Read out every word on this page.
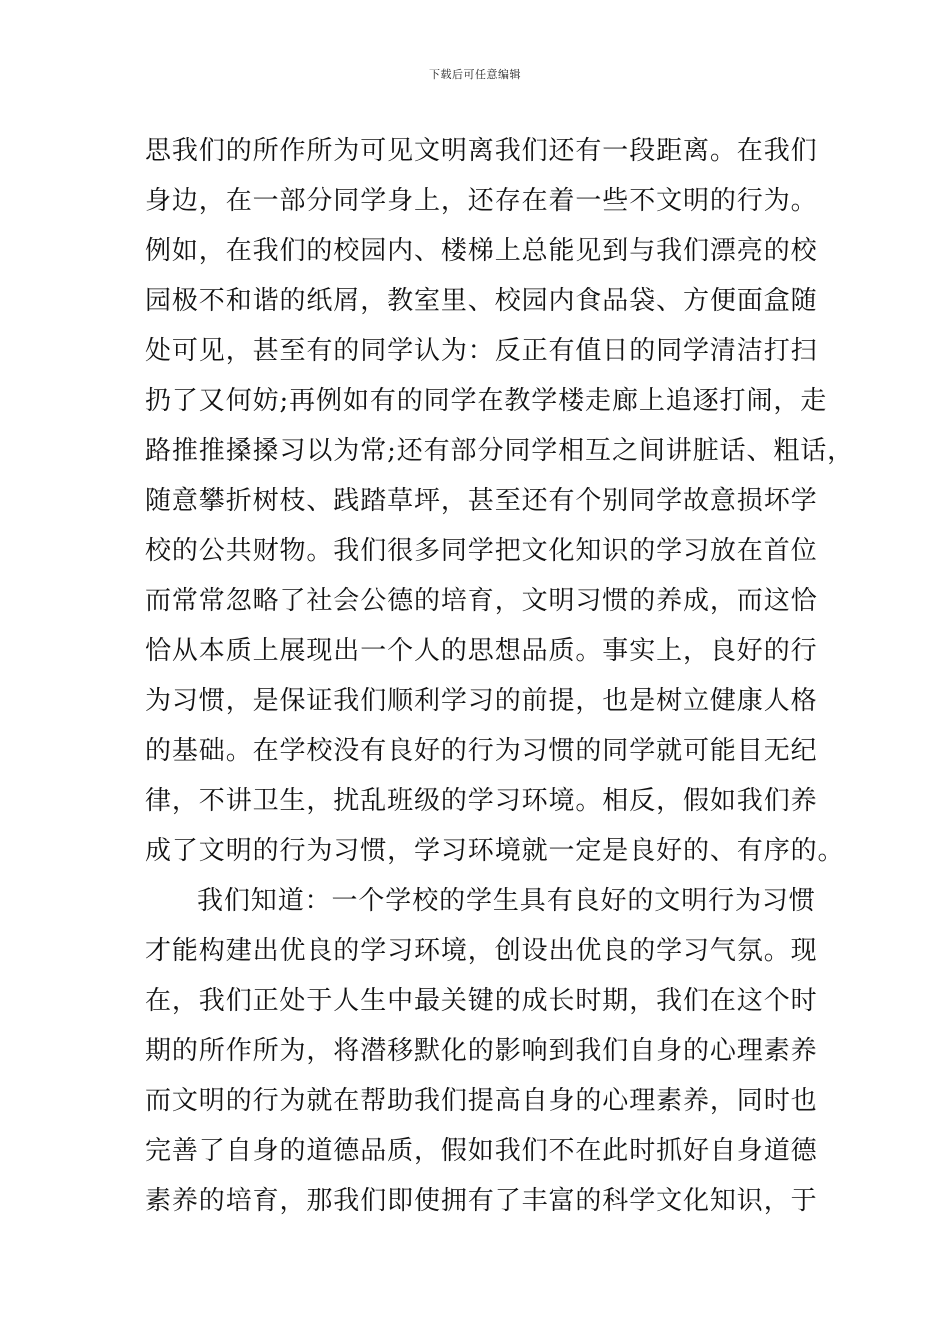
下载后可任意编辑
思我们的所作所为可见文明离我们还有一段距离。在我们
身边，在一部分同学身上，还存在着一些不文明的行为。
例如，在我们的校园内、楼梯上总能见到与我们漂亮的校
园极不和谐的纸屑，教室里、校园内食品袋、方便面盒随
处可见，甚至有的同学认为：反正有值日的同学清洁打扫
扔了又何妨;再例如有的同学在教学楼走廊上追逐打闹，走
路推推搡搡习以为常;还有部分同学相互之间讲脏话、粗话，
随意攀折树枝、践踏草坪，甚至还有个别同学故意损坏学
校的公共财物。我们很多同学把文化知识的学习放在首位
而常常忽略了社会公德的培育，文明习惯的养成，而这恰
恰从本质上展现出一个人的思想品质。事实上，良好的行
为习惯，是保证我们顺利学习的前提，也是树立健康人格
的基础。在学校没有良好的行为习惯的同学就可能目无纪
律，不讲卫生，扰乱班级的学习环境。相反，假如我们养
成了文明的行为习惯，学习环境就一定是良好的、有序的。
我们知道：一个学校的学生具有良好的文明行为习惯
才能构建出优良的学习环境，创设出优良的学习气氛。现
在，我们正处于人生中最关键的成长时期，我们在这个时
期的所作所为，将潜移默化的影响到我们自身的心理素养
而文明的行为就在帮助我们提高自身的心理素养，同时也
完善了自身的道德品质，假如我们不在此时抓好自身道德
素养的培育，那我们即使拥有了丰富的科学文化知识，于
